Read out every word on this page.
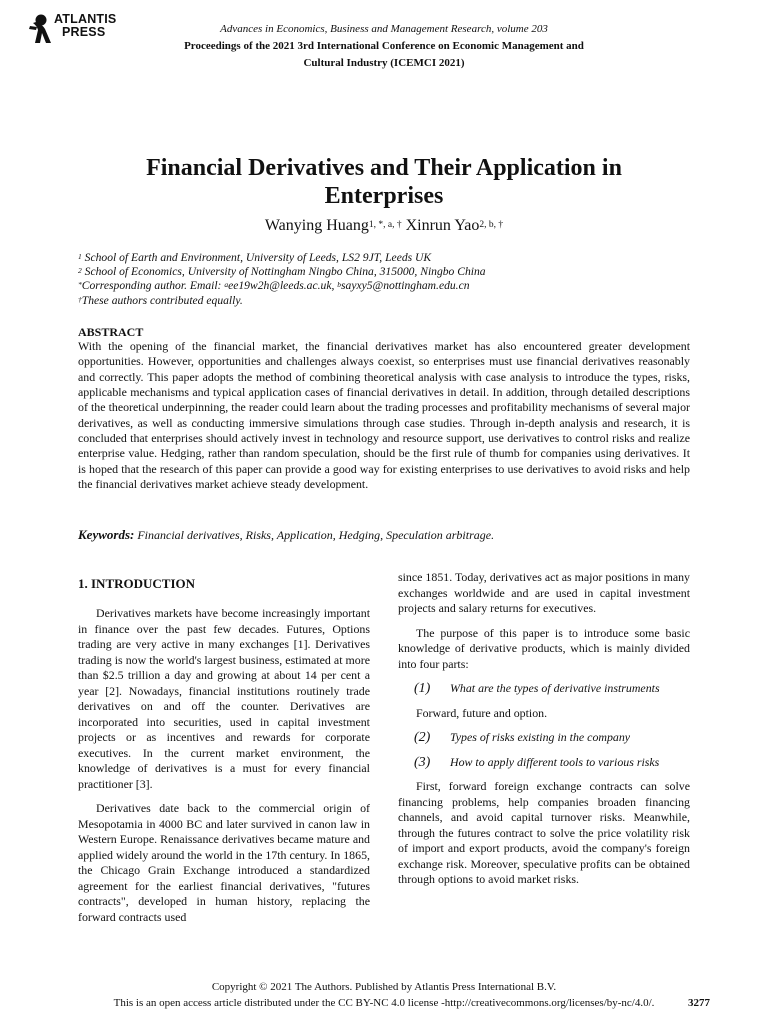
ATLANTIS
PRESS	Advances in Economics, Business and Management Research, volume 203
Proceedings of the 2021 3rd International Conference on Economic Management and
Cultural Industry (ICEMCI 2021)
Financial Derivatives and Their Application in
Enterprises
Wanying Huang$^{1, *, a, \dagger}$ Xinrun Yao$^{2, b, \dagger}$
$^1$ School of Earth and Environment, University of Leeds, LS2 9JT, Leeds UK
$^2$ School of Economics, University of Nottingham Ningbo China, 315000, Ningbo China
*Corresponding author. Email: $^a$ee19w2h@leeds.ac.uk, $^b$sayxy5@nottingham.edu.cn
†These authors contributed equally.
ABSTRACT
With the opening of the financial market, the financial derivatives market has also encountered greater development opportunities. However, opportunities and challenges always coexist, so enterprises must use financial derivatives reasonably and correctly. This paper adopts the method of combining theoretical analysis with case analysis to introduce the types, risks, applicable mechanisms and typical application cases of financial derivatives in detail. In addition, through detailed descriptions of the theoretical underpinning, the reader could learn about the trading processes and profitability mechanisms of several major derivatives, as well as conducting immersive simulations through case studies. Through in-depth analysis and research, it is concluded that enterprises should actively invest in technology and resource support, use derivatives to control risks and realize enterprise value. Hedging, rather than random speculation, should be the first rule of thumb for companies using derivatives. It is hoped that the research of this paper can provide a good way for existing enterprises to use derivatives to avoid risks and help the financial derivatives market achieve steady development.
Keywords: Financial derivatives, Risks, Application, Hedging, Speculation arbitrage.
1. INTRODUCTION

Derivatives markets have become increasingly important in finance over the past few decades. Futures, Options trading are very active in many exchanges [1]. Derivatives trading is now the world's largest business, estimated at more than $2.5 trillion a day and growing at about 14 per cent a year [2]. Nowadays, financial institutions routinely trade derivatives on and off the counter. Derivatives are incorporated into securities, used in capital investment projects or as incentives and rewards for corporate executives. In the current market environment, the knowledge of derivatives is a must for every financial practitioner [3].

Derivatives date back to the commercial origin of Mesopotamia in 4000 BC and later survived in canon law in Western Europe. Renaissance derivatives became mature and applied widely around the world in the 17th century. In 1865, the Chicago Grain Exchange introduced a standardized agreement for the earliest financial derivatives, "futures contracts", developed in human history, replacing the forward contracts used

since 1851. Today, derivatives act as major positions in many exchanges worldwide and are used in capital investment projects and salary returns for executives.

The purpose of this paper is to introduce some basic knowledge of derivative products, which is mainly divided into four parts:

(1)	What are the types of derivative instruments

Forward, future and option.

(2)	Types of risks existing in the company
(3)	How to apply different tools to various risks

First, forward foreign exchange contracts can solve financing problems, help companies broaden financing channels, and avoid capital turnover risks. Meanwhile, through the futures contract to solve the price volatility risk of import and export products, avoid the company's foreign exchange risk. Moreover, speculative profits can be obtained through options to avoid market risks.

Copyright © 2021 The Authors. Published by Atlantis Press International B.V.
This is an open access article distributed under the CC BY-NC 4.0 license -http://creativecommons.org/licenses/by-nc/4.0/.	3277
